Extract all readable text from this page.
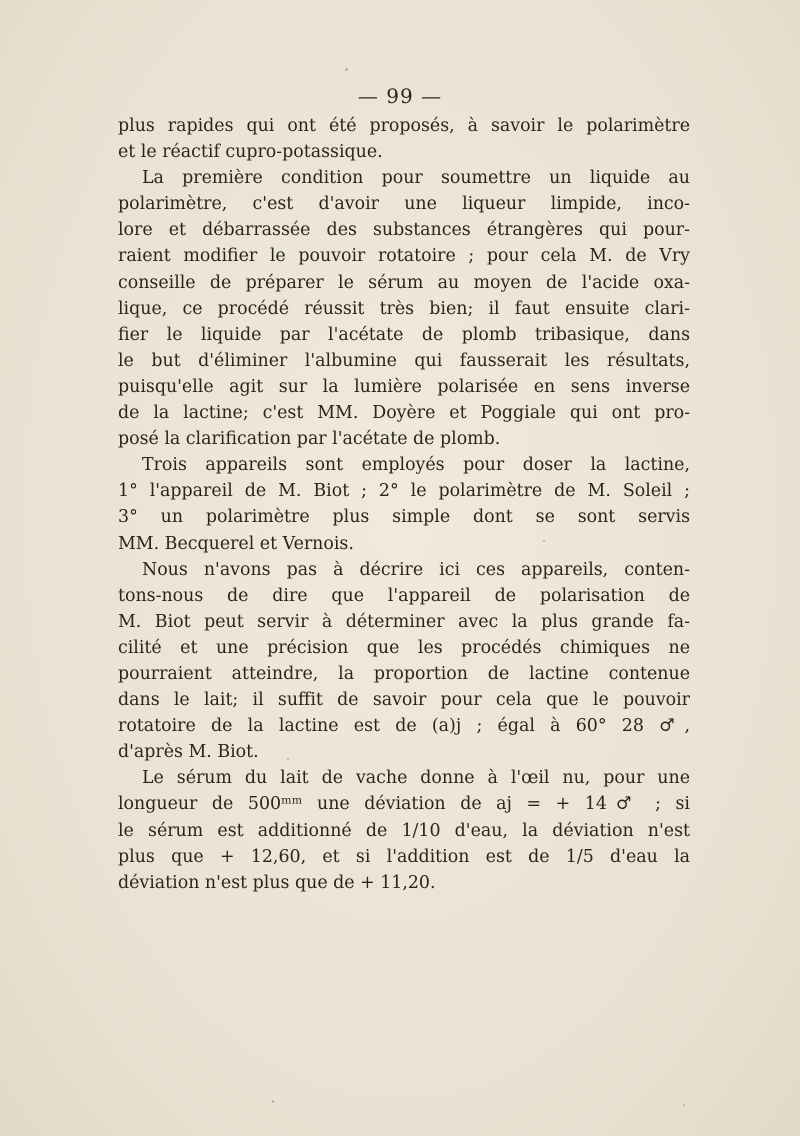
— 99 —
plus rapides qui ont été proposés, à savoir le polarimètre
et le réactif cupro-potassique.
La première condition pour soumettre un liquide au
polarimètre, c'est d'avoir une liqueur limpide, inco-
lore et débarrassée des substances étrangères qui pour-
raient modifier le pouvoir rotatoire ; pour cela M. de Vry
conseille de préparer le sérum au moyen de l'acide oxa-
lique, ce procédé réussit très bien; il faut ensuite clari-
fier le liquide par l'acétate de plomb tribasique, dans
le but d'éliminer l'albumine qui fausserait les résultats,
puisqu'elle agit sur la lumière polarisée en sens inverse
de la lactine; c'est MM. Doyère et Poggiale qui ont pro-
posé la clarification par l'acétate de plomb.
Trois appareils sont employés pour doser la lactine,
1° l'appareil de M. Biot ; 2° le polarimètre de M. Soleil ;
3° un polarimètre plus simple dont se sont servis
MM. Becquerel et Vernois.
Nous n'avons pas à décrire ici ces appareils, conten-
tons-nous de dire que l'appareil de polarisation de
M. Biot peut servir à déterminer avec la plus grande fa-
cilité et une précision que les procédés chimiques ne
pourraient atteindre, la proportion de lactine contenue
dans le lait; il suffit de savoir pour cela que le pouvoir
rotatoire de la lactine est de (a)j ; égal à 60° 28 ♂,
d'après M. Biot.
Le sérum du lait de vache donne à l'œil nu, pour une
longueur de 500ᵐᵐ une déviation de aj = + 14♂ ; si
le sérum est additionné de 1/10 d'eau, la déviation n'est
plus que + 12,60, et si l'addition est de 1/5 d'eau la
déviation n'est plus que de + 11,20.
